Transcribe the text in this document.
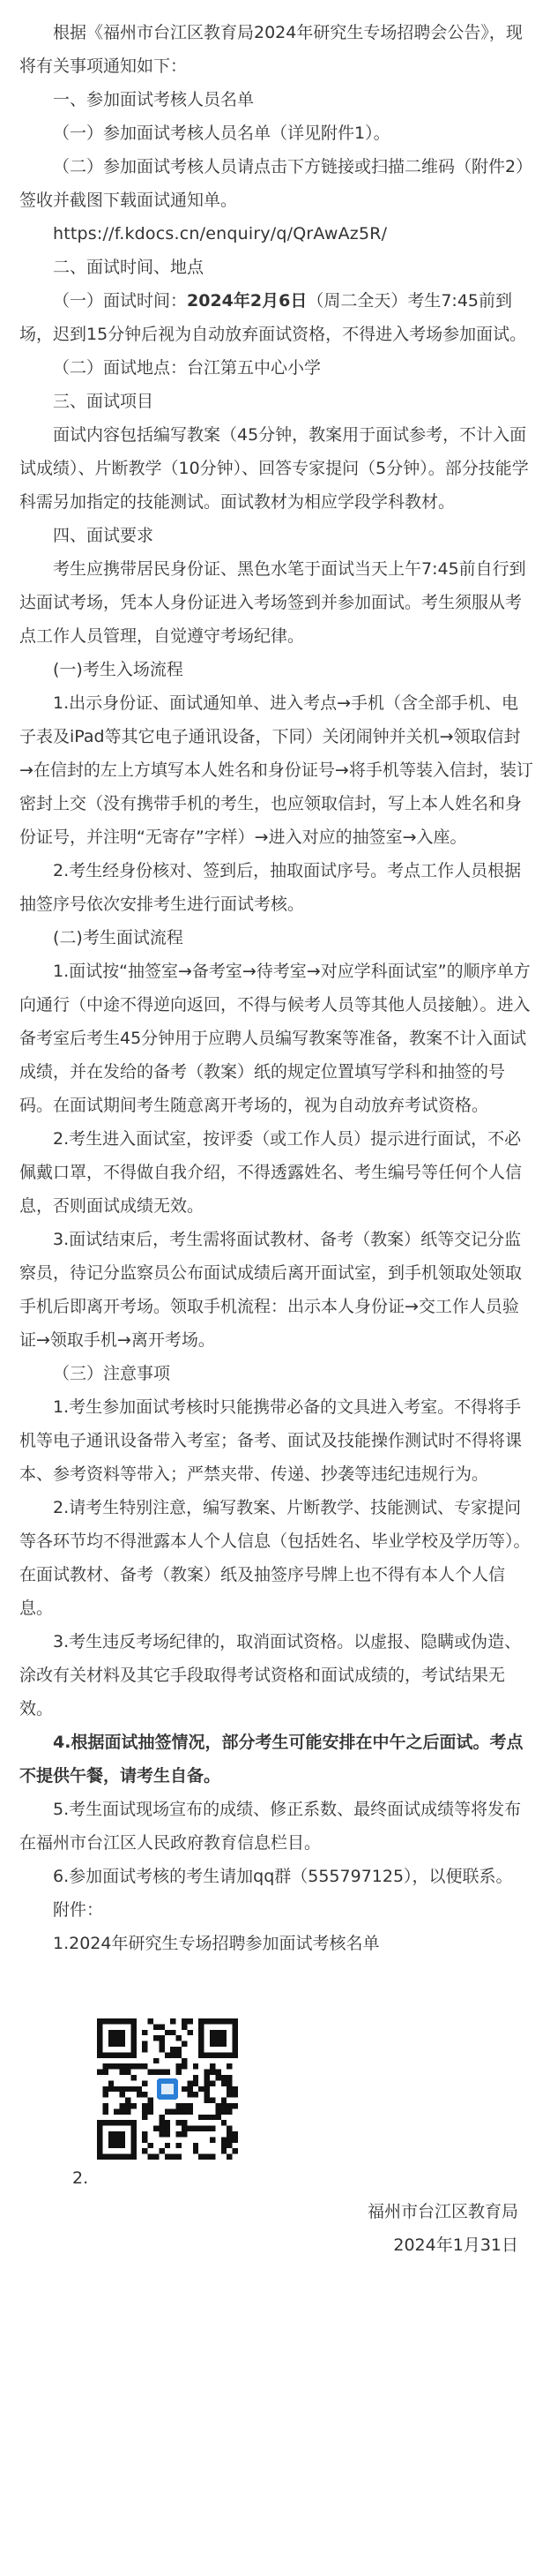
根据《福州市台江区教育局2024年研究生专场招聘会公告》，现将有关事项通知如下：

一、参加面试考核人员名单

（一）参加面试考核人员名单（详见附件1）。

（二）参加面试考核人员请点击下方链接或扫描二维码（附件2）签收并截图下载面试通知单。

https://f.kdocs.cn/enquiry/q/QrAwAz5R/

二、面试时间、地点

（一）面试时间：2024年2月6日（周二全天）考生7:45前到场，迟到15分钟后视为自动放弃面试资格，不得进入考场参加面试。

（二）面试地点：台江第五中心小学

三、面试项目

面试内容包括编写教案（45分钟，教案用于面试参考，不计入面试成绩）、片断教学（10分钟）、回答专家提问（5分钟）。部分技能学科需另加指定的技能测试。面试教材为相应学段学科教材。

四、面试要求

考生应携带居民身份证、黑色水笔于面试当天上午7:45前自行到达面试考场，凭本人身份证进入考场签到并参加面试。考生须服从考点工作人员管理，自觉遵守考场纪律。

(一)考生入场流程

1.出示身份证、面试通知单、进入考点→手机（含全部手机、电子表及iPad等其它电子通讯设备，下同）关闭闹钟并关机→领取信封→在信封的左上方填写本人姓名和身份证号→将手机等装入信封，装订密封上交（没有携带手机的考生，也应领取信封，写上本人姓名和身份证号，并注明“无寄存”字样）→进入对应的抽签室→入座。

2.考生经身份核对、签到后，抽取面试序号。考点工作人员根据抽签序号依次安排考生进行面试考核。

(二)考生面试流程

1.面试按“抽签室→备考室→待考室→对应学科面试室”的顺序单方向通行（中途不得逆向返回，不得与候考人员等其他人员接触）。进入备考室后考生45分钟用于应聘人员编写教案等准备，教案不计入面试成绩，并在发给的备考（教案）纸的规定位置填写学科和抽签的号码。在面试期间考生随意离开考场的，视为自动放弃考试资格。

2.考生进入面试室，按评委（或工作人员）提示进行面试，不必佩戴口罩，不得做自我介绍，不得透露姓名、考生编号等任何个人信息，否则面试成绩无效。

3.面试结束后，考生需将面试教材、备考（教案）纸等交记分监察员，待记分监察员公布面试成绩后离开面试室，到手机领取处领取手机后即离开考场。领取手机流程：出示本人身份证→交工作人员验证→领取手机→离开考场。

（三）注意事项

1.考生参加面试考核时只能携带必备的文具进入考室。不得将手机等电子通讯设备带入考室；备考、面试及技能操作测试时不得将课本、参考资料等带入；严禁夹带、传递、抄袭等违纪违规行为。

2.请考生特别注意，编写教案、片断教学、技能测试、专家提问等各环节均不得泄露本人个人信息（包括姓名、毕业学校及学历等）。在面试教材、备考（教案）纸及抽签序号牌上也不得有本人个人信息。

3.考生违反考场纪律的，取消面试资格。以虚报、隐瞒或伪造、涂改有关材料及其它手段取得考试资格和面试成绩的，考试结果无效。

4.根据面试抽签情况，部分考生可能安排在中午之后面试。考点不提供午餐，请考生自备。

5.考生面试现场宣布的成绩、修正系数、最终面试成绩等将发布在福州市台江区人民政府教育信息栏目。

6.参加面试考核的考生请加qq群（555797125），以便联系。

附件：

1.2024年研究生专场招聘参加面试考核名单

2.

福州市台江区教育局

2024年1月31日
